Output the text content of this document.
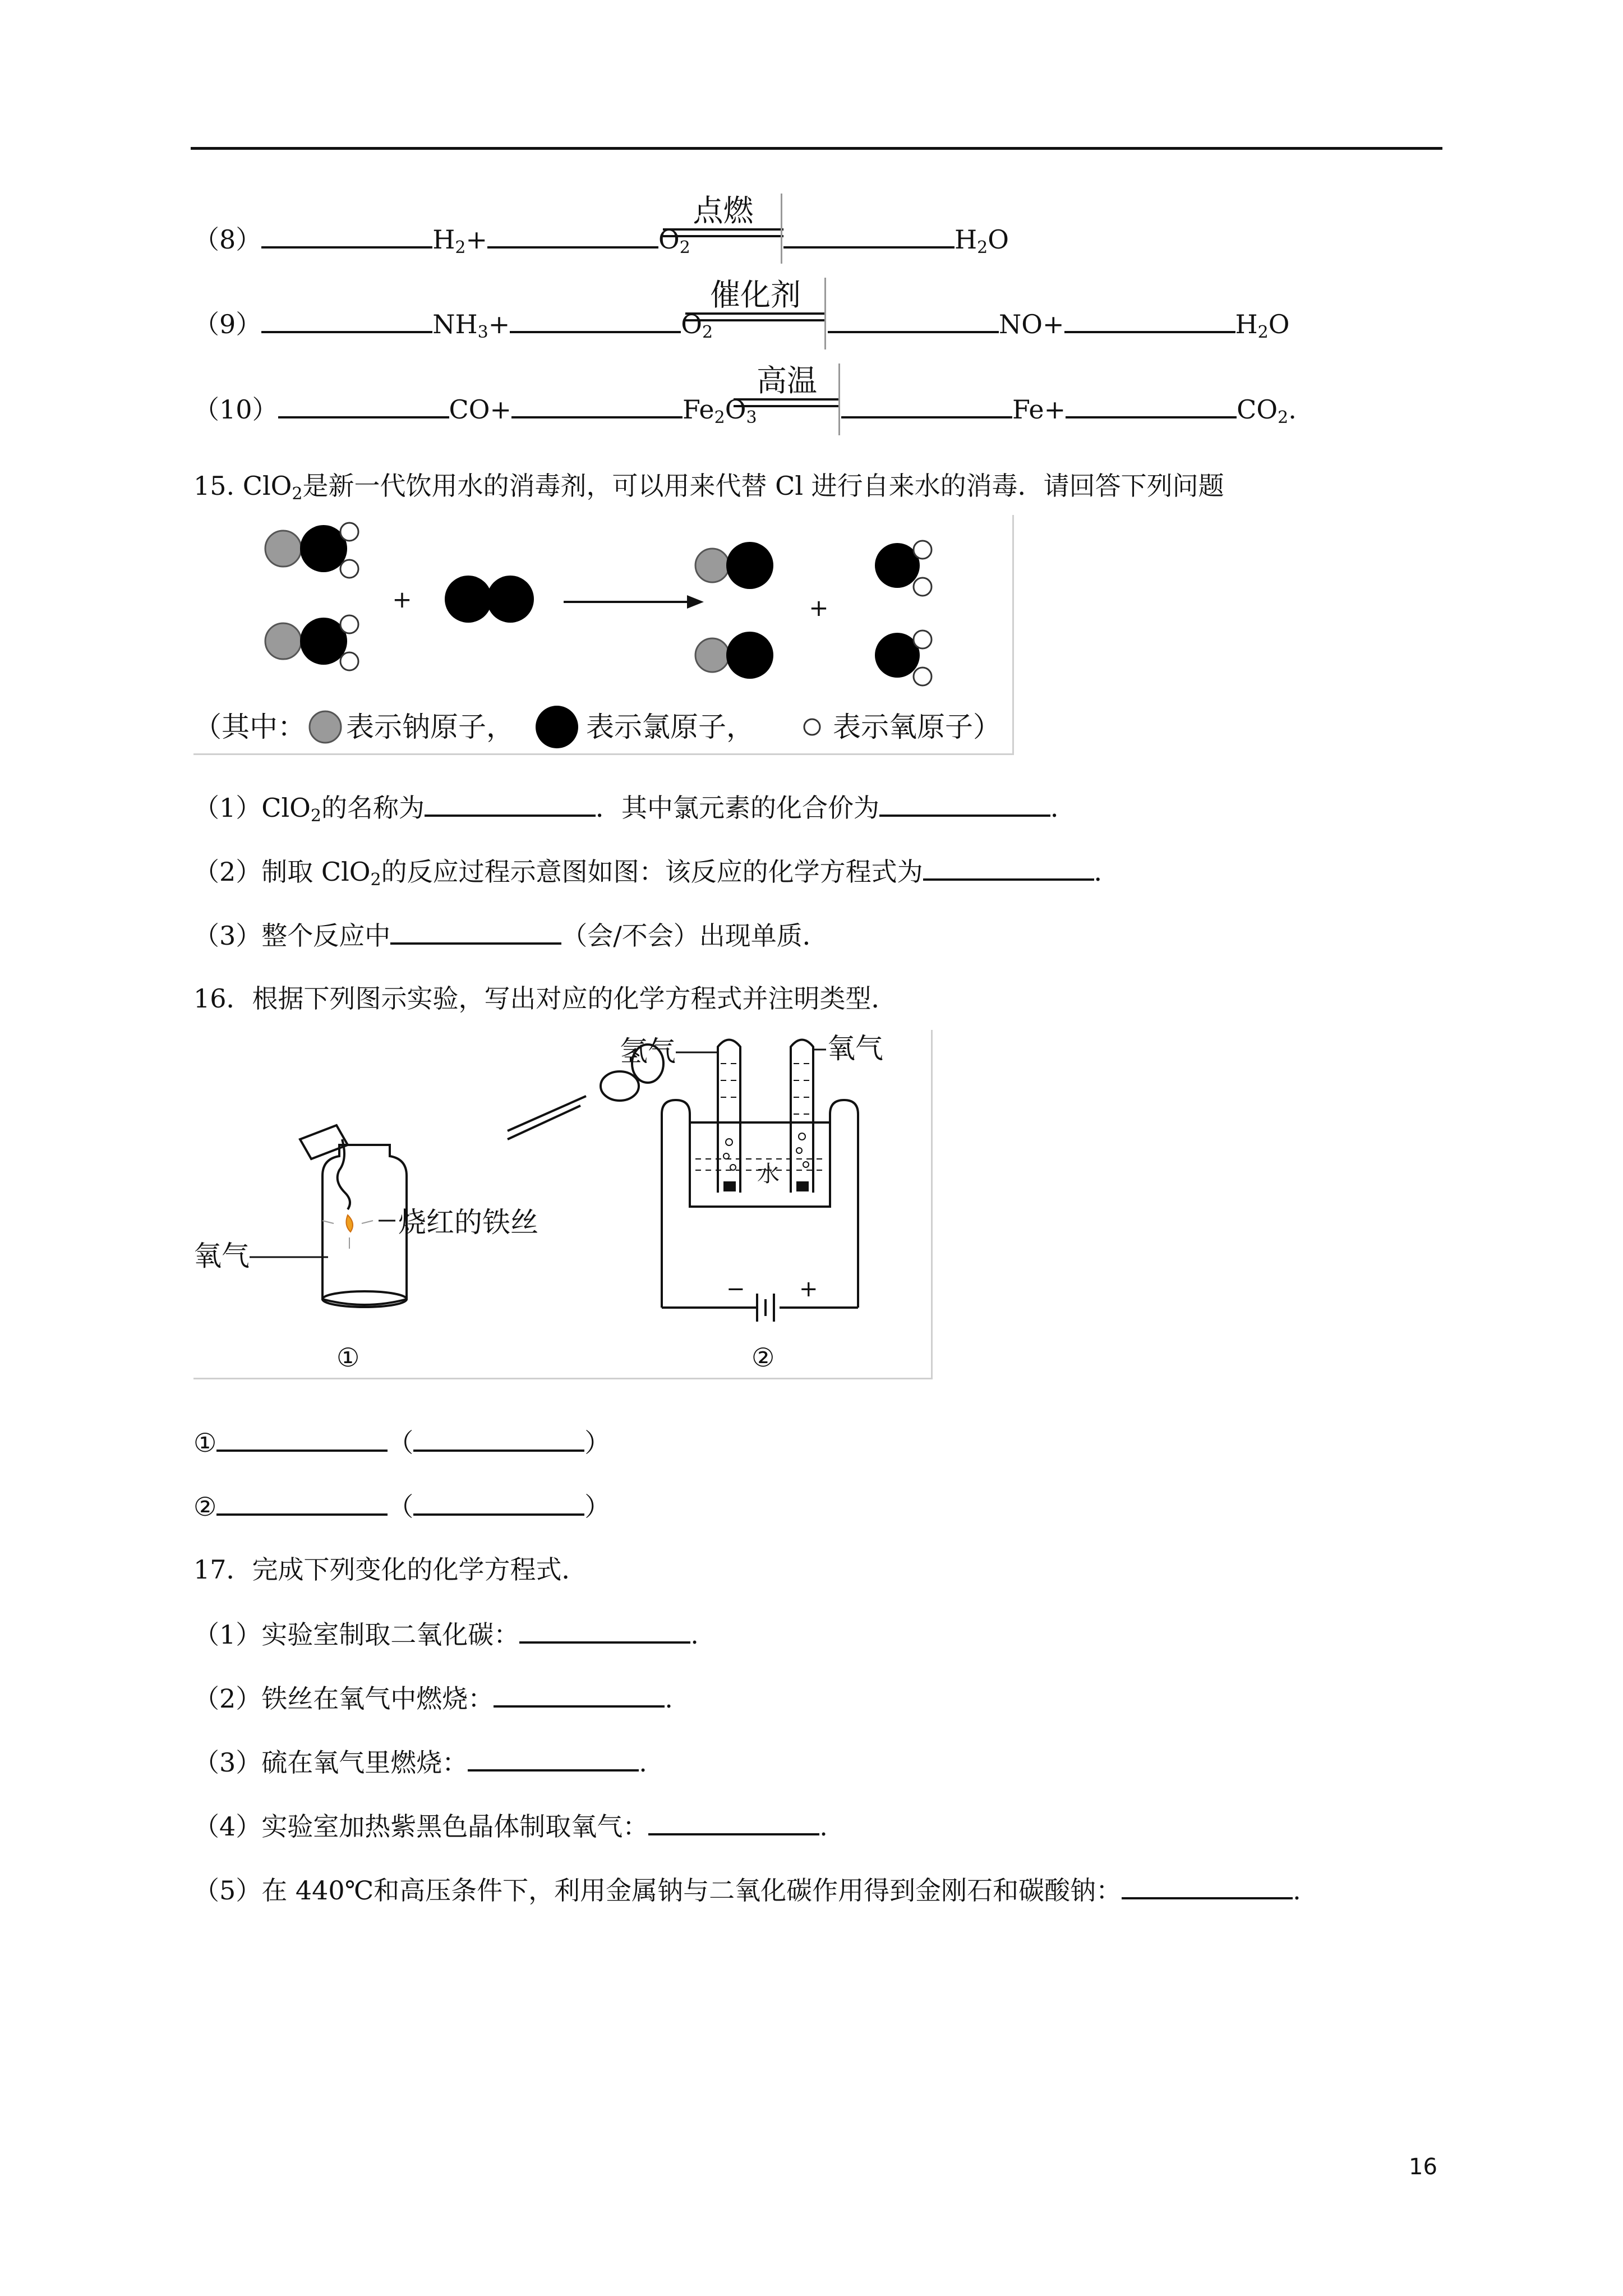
（8）	$H_2+$	$O_2$
点燃
$H_2O$
（9）	$NH_3+$	$O_2$
催化剂
NO+	$H_2O$
（10）	CO+	$Fe_2O_3$
高温
Fe+	$CO_2$.
15. ClO$_2$是新一代饮用水的消毒剂，可以用来代替 Cl 进行自来水的消毒．请回答下列问题
+	+
（其中： 表示钠原子，	表示氯原子，	表示氧原子）
（1）ClO$_2$的名称为	．其中氯元素的化合价为	．
（2）制取 ClO$_2$的反应过程示意图如图：该反应的化学方程式为	．
（3）整个反应中	（会/不会）出现单质．
16．根据下列图示实验，写出对应的化学方程式并注明类型．
烧红的铁丝
氧气
①
水
氢气	氧气
− +
②
①	（	）
②	（	）
17．完成下列变化的化学方程式．
（1）实验室制取二氧化碳：	.
（2）铁丝在氧气中燃烧：	.
（3）硫在氧气里燃烧：	.
（4）实验室加热紫黑色晶体制取氧气：	.
（5）在 440℃和高压条件下，利用金属钠与二氧化碳作用得到金刚石和碳酸钠：	.
16
